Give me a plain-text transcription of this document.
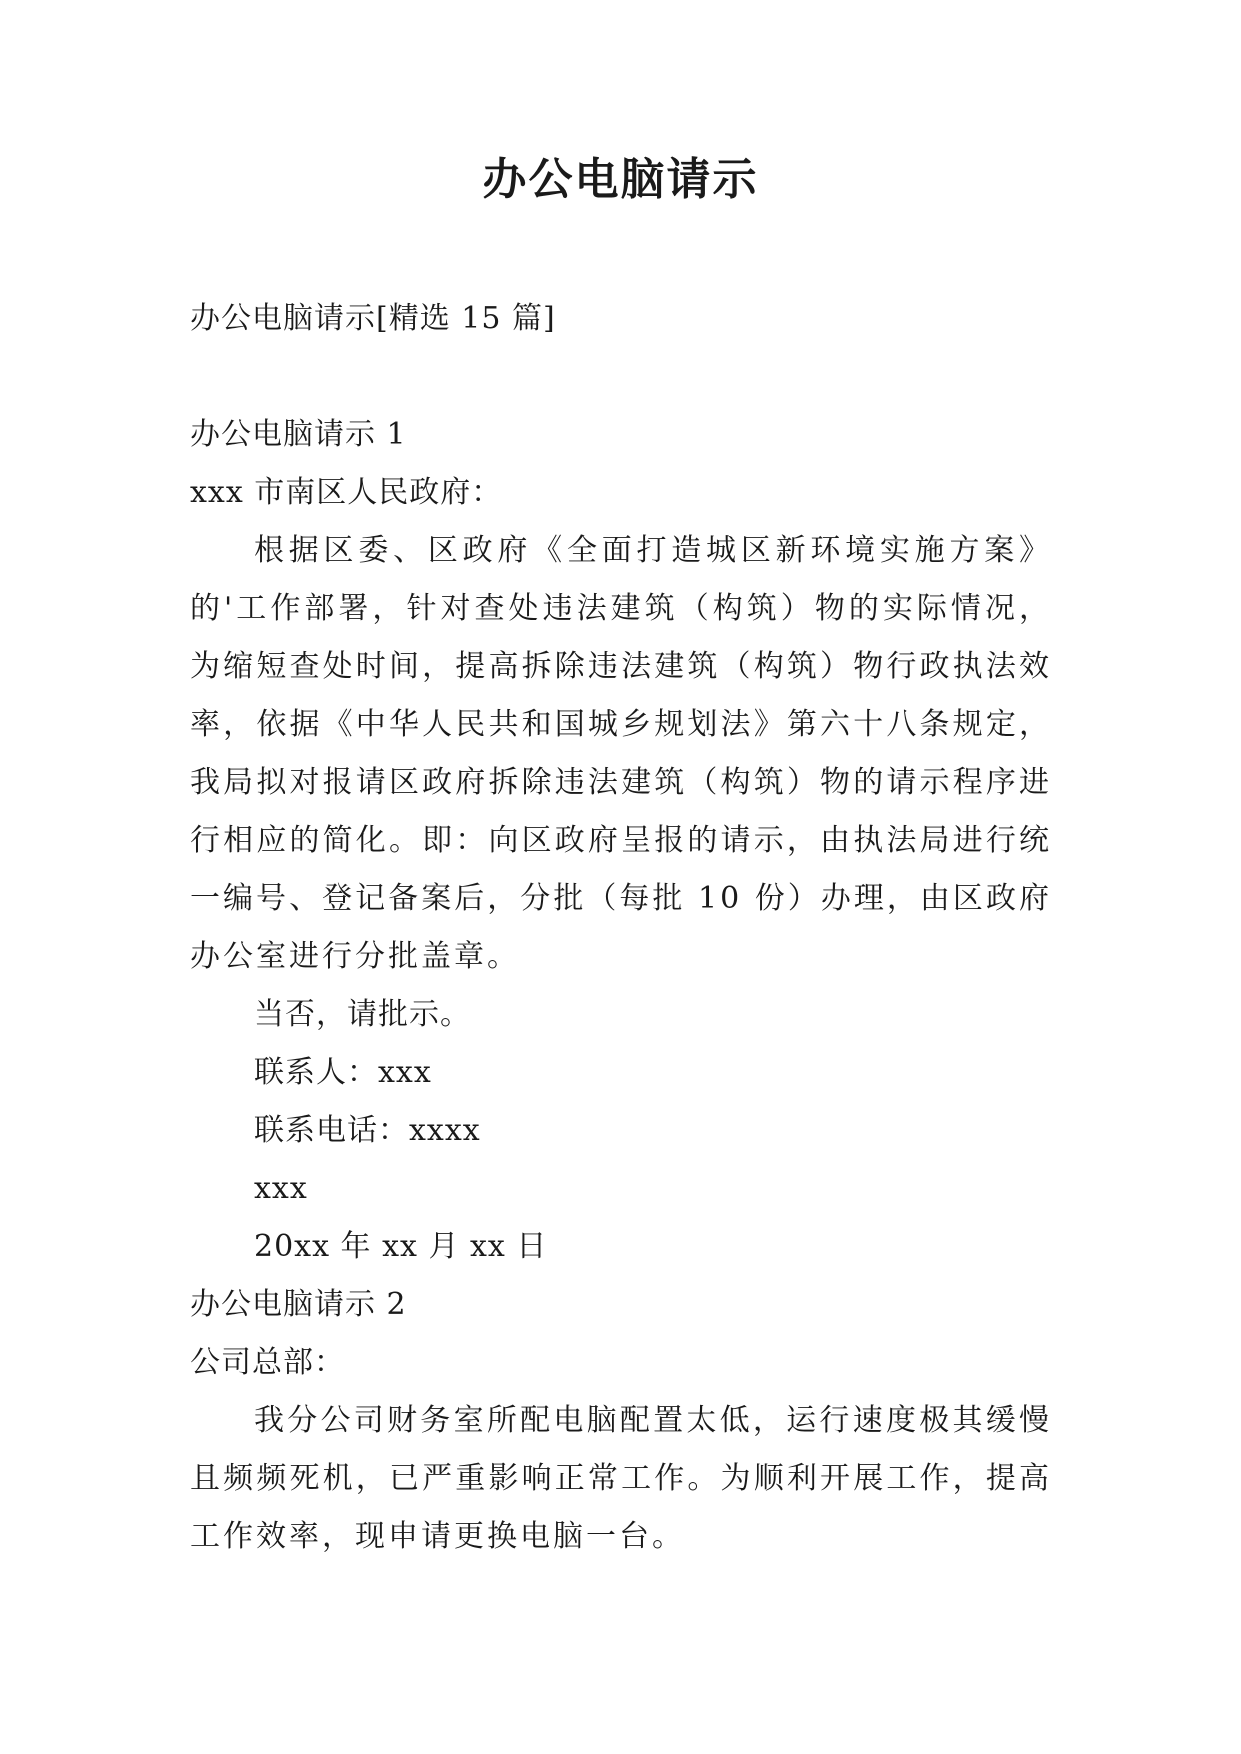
办公电脑请示
办公电脑请示[精选 15 篇]
办公电脑请示 1
xxx 市南区人民政府：

根据区委、区政府《全面打造城区新环境实施方案》的'工作部署，针对查处违法建筑（构筑）物的实际情况，为缩短查处时间，提高拆除违法建筑（构筑）物行政执法效率，依据《中华人民共和国城乡规划法》第六十八条规定，我局拟对报请区政府拆除违法建筑（构筑）物的请示程序进行相应的简化。即：向区政府呈报的请示，由执法局进行统一编号、登记备案后，分批（每批 10 份）办理，由区政府办公室进行分批盖章。

当否，请批示。
联系人：xxx
联系电话：xxxx
xxx
20xx 年 xx 月 xx 日
办公电脑请示 2
公司总部：

我分公司财务室所配电脑配置太低，运行速度极其缓慢且频频死机，已严重影响正常工作。为顺利开展工作，提高工作效率，现申请更换电脑一台。
